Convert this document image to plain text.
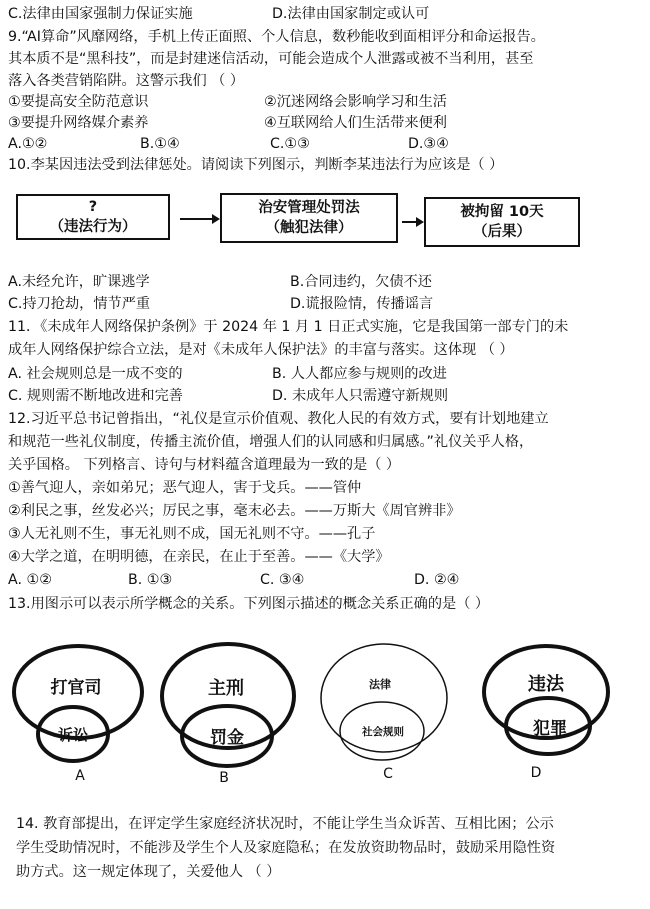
C.法律由国家强制力保证实施	D.法律由国家制定或认可
9.“AI算命”风靡网络，手机上传正面照、个人信息，数秒能收到面相评分和命运报告。
其本质不是“黑科技”，而是封建迷信活动，可能会造成个人泄露或被不当利用，甚至
落入各类营销陷阱。这警示我们 （ ）
①要提高安全防范意识	②沉迷网络会影响学习和生活
③要提升网络媒介素养	④互联网给人们生活带来便利
A.①②	B.①④	C.①③	D.③④
10.李某因违法受到法律惩处。请阅读下列图示，判断李某违法行为应该是（ ）
?
（违法行为）
治安管理处罚法
（触犯法律）
被拘留 10天
（后果）
A.未经允许，旷课逃学	B.合同违约，欠债不还
C.持刀抢劫，情节严重	D.谎报险情，传播谣言
11．《未成年人网络保护条例》于 2024 年 1 月 1 日正式实施，它是我国第一部专门的未
成年人网络保护综合立法，是对《未成年人保护法》的丰富与落实。这体现 （ ）
A. 社会规则总是一成不变的	B. 人人都应参与规则的改进
C. 规则需不断地改进和完善	D. 未成年人只需遵守新规则
12.习近平总书记曾指出，“礼仪是宣示价值观、教化人民的有效方式，要有计划地建立
和规范一些礼仪制度，传播主流价值，增强人们的认同感和归属感。”礼仪关乎人格，
关乎国格。 下列格言、诗句与材料蕴含道理最为一致的是（ ）
①善气迎人，亲如弟兄；恶气迎人，害于戈兵。——管仲
②利民之事，丝发必兴；厉民之事，毫末必去。——万斯大《周官辨非》
③人无礼则不生，事无礼则不成，国无礼则不守。——孔子
④大学之道，在明明德，在亲民，在止于至善。——《大学》
A. ①②	B. ①③	C. ③④	D. ②④
13.用图示可以表示所学概念的关系。下列图示描述的概念关系正确的是（ ）
打官司
诉讼
A
主刑
罚金
B
法律
社会规则
C
违法
犯罪
D
14. 教育部提出，在评定学生家庭经济状况时，不能让学生当众诉苦、互相比困；公示
学生受助情况时，不能涉及学生个人及家庭隐私；在发放资助物品时，鼓励采用隐性资
助方式。这一规定体现了，关爱他人 （ ）
